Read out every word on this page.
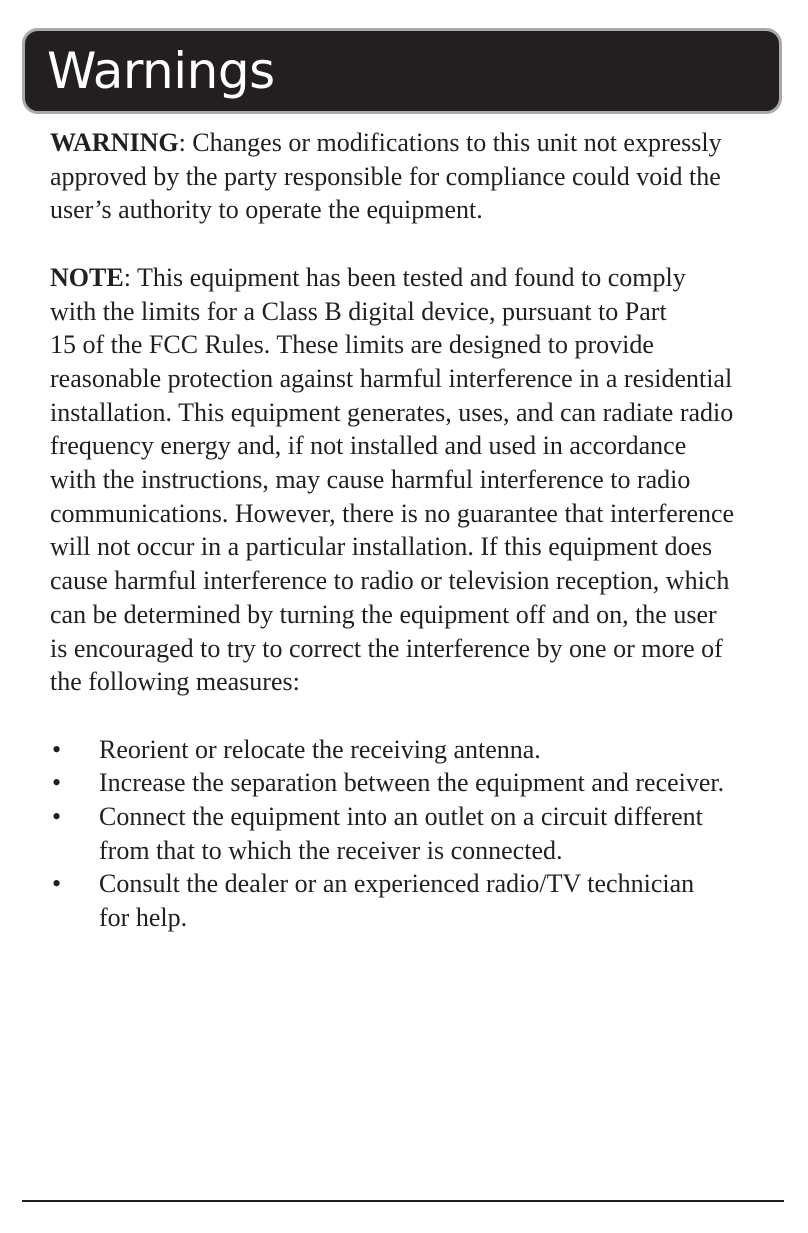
Warnings

WARNING: Changes or modifications to this unit not expressly
approved by the party responsible for compliance could void the
user’s authority to operate the equipment.

NOTE: This equipment has been tested and found to comply
with the limits for a Class B digital device, pursuant to Part
15 of the FCC Rules. These limits are designed to provide
reasonable protection against harmful interference in a residential
installation. This equipment generates, uses, and can radiate radio
frequency energy and, if not installed and used in accordance
with the instructions, may cause harmful interference to radio
communications. However, there is no guarantee that interference
will not occur in a particular installation. If this equipment does
cause harmful interference to radio or television reception, which
can be determined by turning the equipment off and on, the user
is encouraged to try to correct the interference by one or more of
the following measures:

• Reorient or relocate the receiving antenna.
• Increase the separation between the equipment and receiver.
• Connect the equipment into an outlet on a circuit different
from that to which the receiver is connected.
• Consult the dealer or an experienced radio/TV technician
for help.
